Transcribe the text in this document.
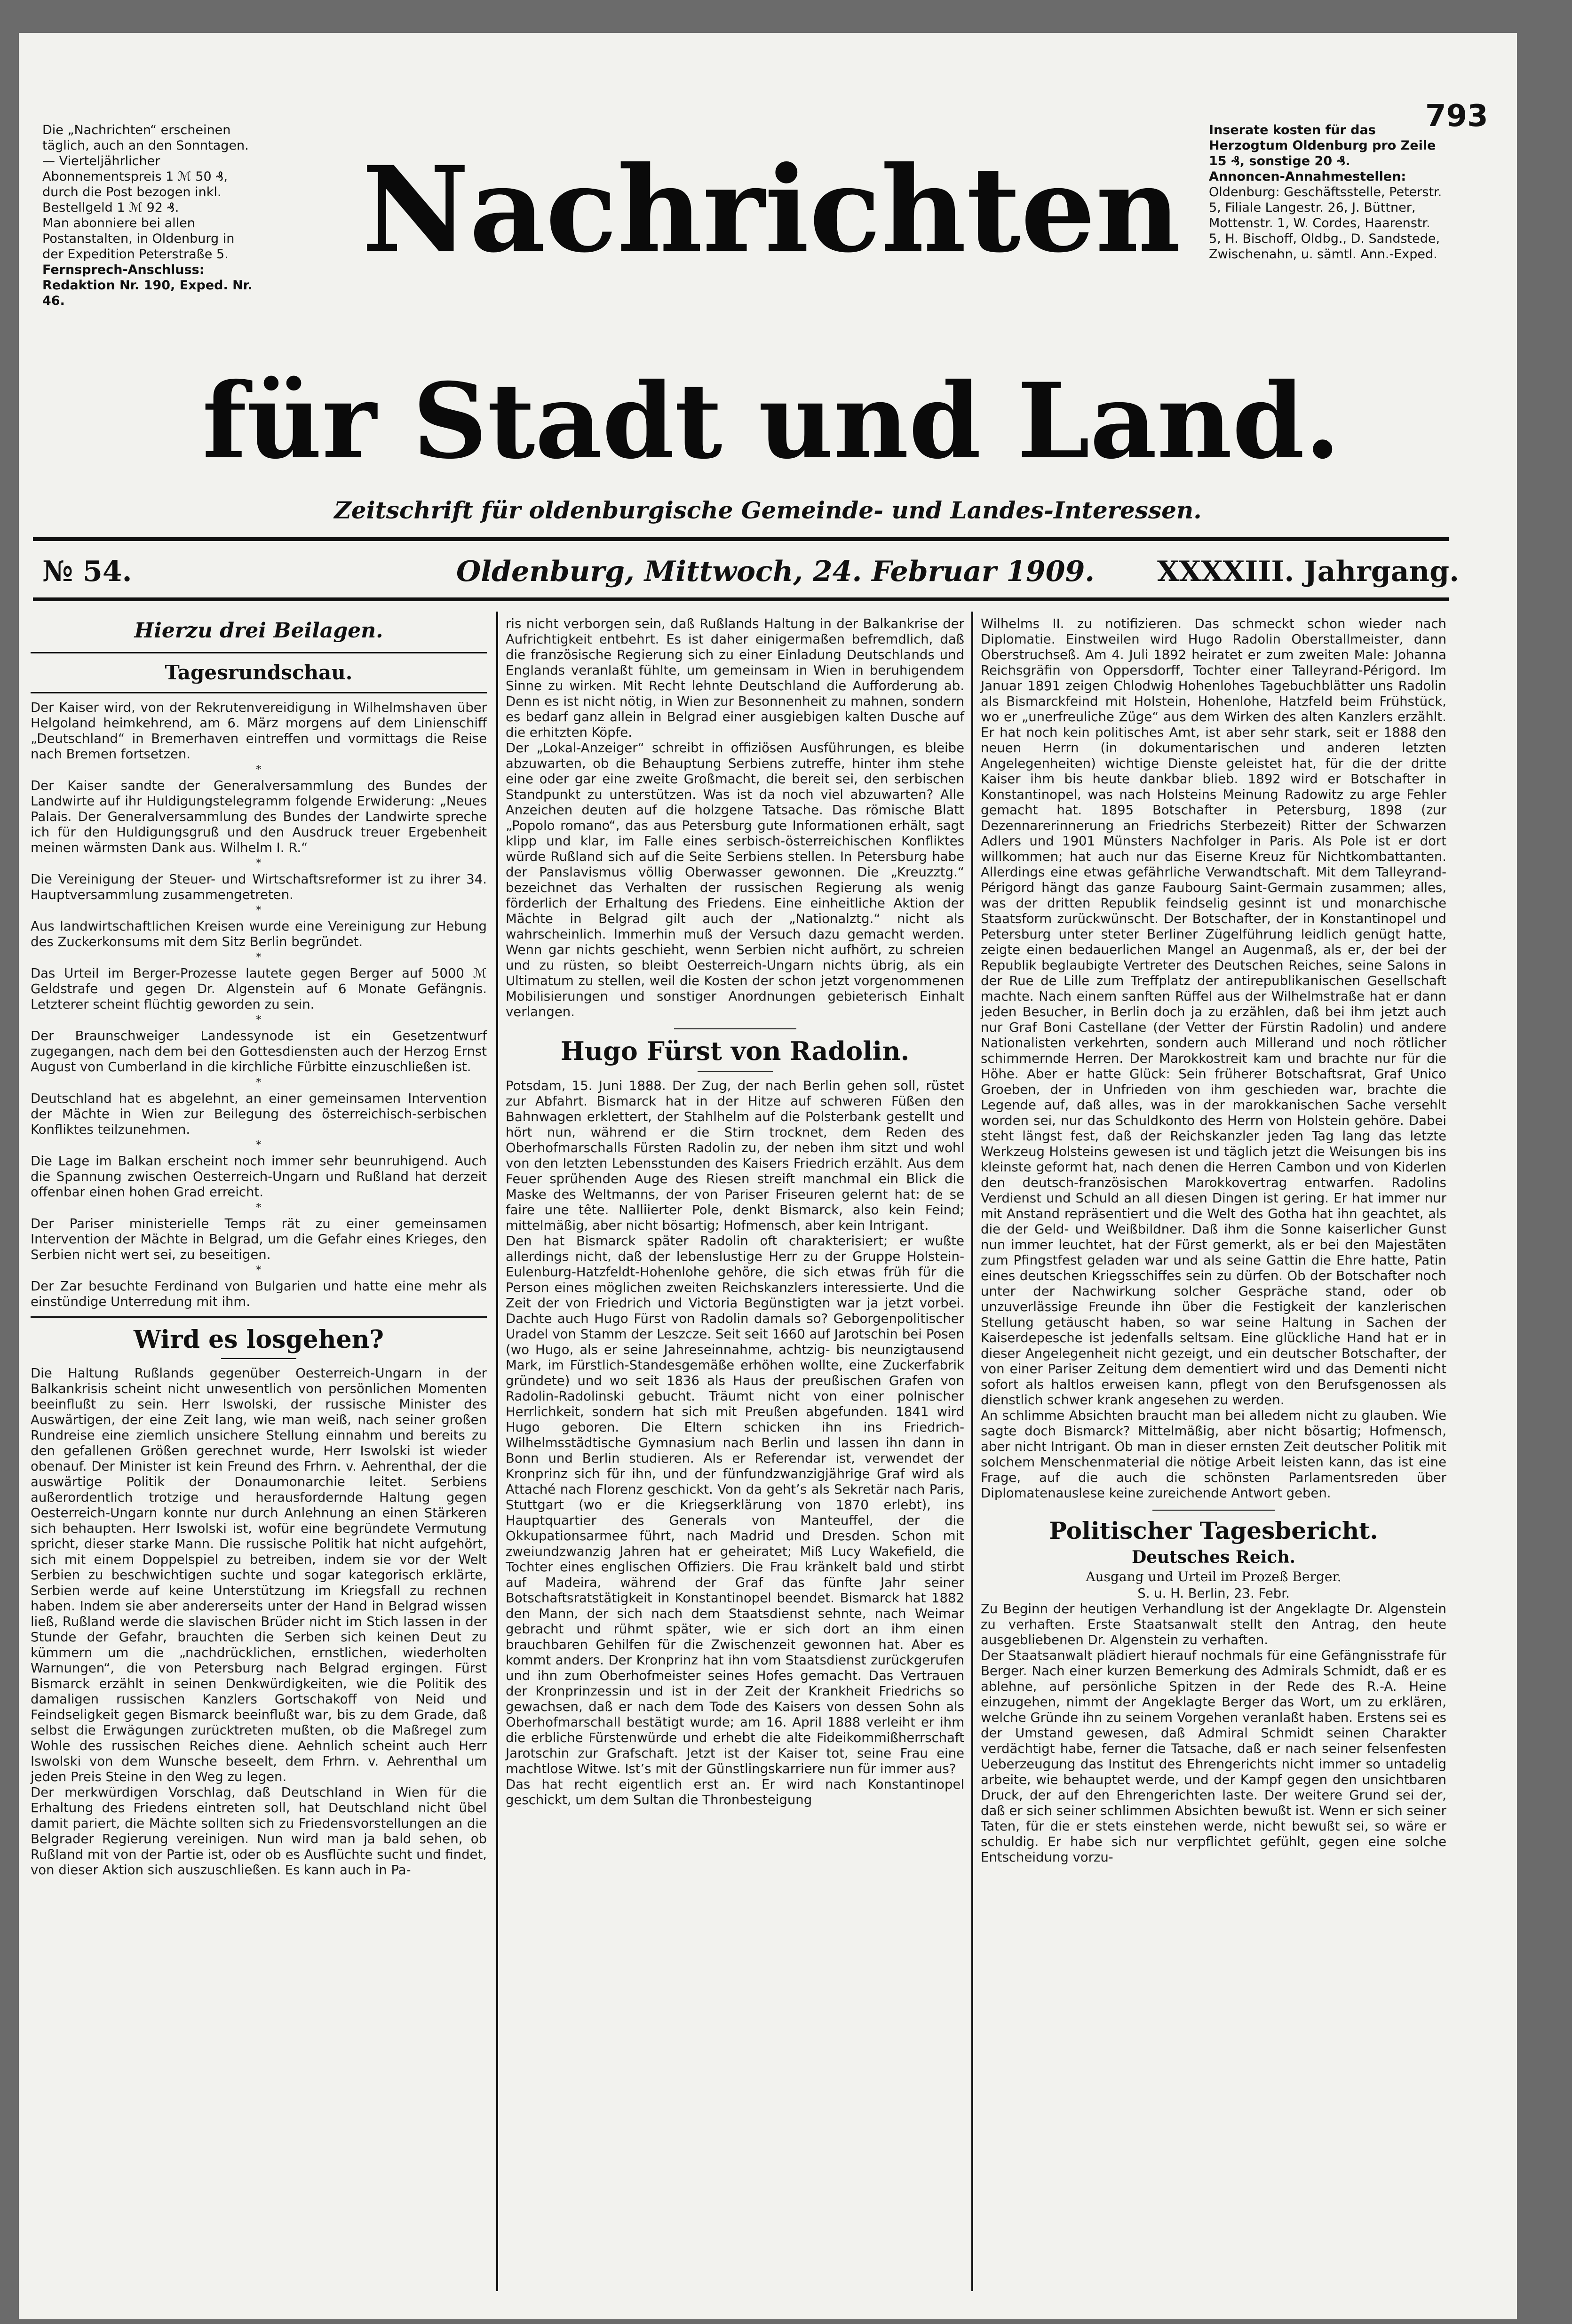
793

Die „Nachrichten“ erscheinen täglich, auch an den Sonntagen. — Vierteljährlicher Abonnementspreis 1 ℳ 50 ₰, durch die Post bezogen inkl. Bestellgeld 1 ℳ 92 ₰.

Man abonniere bei allen Postanstalten, in Oldenburg in der Expedition Peterstraße 5.

Fernsprech-Anschluss: Redaktion Nr. 190, Exped. Nr. 46.

Inserate kosten für das Herzogtum Oldenburg pro Zeile 15 ₰, sonstige 20 ₰.

Annoncen-Annahmestellen:

Oldenburg: Geschäftsstelle, Peterstr. 5, Filiale Langestr. 26, J. Büttner, Mottenstr. 1, W. Cordes, Haarenstr. 5, H. Bischoff, Oldbg., D. Sandstede, Zwischenahn, u. sämtl. Ann.-Exped.

Nachrichten
für Stadt und Land.
Zeitschrift für oldenburgische Gemeinde- und Landes-Interessen.
№ 54.	Oldenburg, Mittwoch, 24. Februar 1909. XXXXIII. Jahrgang.
Hierzu drei Beilagen.
Tagesrundschau.

Der Kaiser wird, von der Rekrutenvereidigung in Wilhelmshaven über Helgoland heimkehrend, am 6. März morgens auf dem Linienschiff „Deutschland“ in Bremerhaven eintreffen und vormittags die Reise nach Bremen fortsetzen.

*

Der Kaiser sandte der Generalversammlung des Bundes der Landwirte auf ihr Huldigungstelegramm folgende Erwiderung: „Neues Palais. Der Generalversammlung des Bundes der Landwirte spreche ich für den Huldigungsgruß und den Ausdruck treuer Ergebenheit meinen wärmsten Dank aus. Wilhelm I. R.“

*

Die Vereinigung der Steuer- und Wirtschaftsreformer ist zu ihrer 34. Hauptversammlung zusammengetreten.

*

Aus landwirtschaftlichen Kreisen wurde eine Vereinigung zur Hebung des Zuckerkonsums mit dem Sitz Berlin begründet.

*

Das Urteil im Berger-Prozesse lautete gegen Berger auf 5000 ℳ Geldstrafe und gegen Dr. Algenstein auf 6 Monate Gefängnis. Letzterer scheint flüchtig geworden zu sein.

*

Der Braunschweiger Landessynode ist ein Gesetzentwurf zugegangen, nach dem bei den Gottesdiensten auch der Herzog Ernst August von Cumberland in die kirchliche Fürbitte einzuschließen ist.

*

Deutschland hat es abgelehnt, an einer gemeinsamen Intervention der Mächte in Wien zur Beilegung des österreichisch-serbischen Konfliktes teilzunehmen.

*

Die Lage im Balkan erscheint noch immer sehr beunruhigend. Auch die Spannung zwischen Oesterreich-Ungarn und Rußland hat derzeit offenbar einen hohen Grad erreicht.

*

Der Pariser ministerielle Temps rät zu einer gemeinsamen Intervention der Mächte in Belgrad, um die Gefahr eines Krieges, den Serbien nicht wert sei, zu beseitigen.

*

Der Zar besuchte Ferdinand von Bulgarien und hatte eine mehr als einstündige Unterredung mit ihm.

Wird es losgehen?

Die Haltung Rußlands gegenüber Oesterreich-Ungarn in der Balkankrisis scheint nicht unwesentlich von persönlichen Momenten beeinflußt zu sein. Herr Iswolski, der russische Minister des Auswärtigen, der eine Zeit lang, wie man weiß, nach seiner großen Rundreise eine ziemlich unsichere Stellung einnahm und bereits zu den gefallenen Größen gerechnet wurde, Herr Iswolski ist wieder obenauf. Der Minister ist kein Freund des Frhrn. v. Aehrenthal, der die auswärtige Politik der Donaumonarchie leitet. Serbiens außerordentlich trotzige und herausfordernde Haltung gegen Oesterreich-Ungarn konnte nur durch Anlehnung an einen Stärkeren sich behaupten. Herr Iswolski ist, wofür eine begründete Vermutung spricht, dieser starke Mann. Die russische Politik hat nicht aufgehört, sich mit einem Doppelspiel zu betreiben, indem sie vor der Welt Serbien zu beschwichtigen suchte und sogar kategorisch erklärte, Serbien werde auf keine Unterstützung im Kriegsfall zu rechnen haben. Indem sie aber andererseits unter der Hand in Belgrad wissen ließ, Rußland werde die slavischen Brüder nicht im Stich lassen in der Stunde der Gefahr, brauchten die Serben sich keinen Deut zu kümmern um die „nachdrücklichen, ernstlichen, wiederholten Warnungen“, die von Petersburg nach Belgrad ergingen. Fürst Bismarck erzählt in seinen Denkwürdigkeiten, wie die Politik des damaligen russischen Kanzlers Gortschakoff von Neid und Feindseligkeit gegen Bismarck beeinflußt war, bis zu dem Grade, daß selbst die Erwägungen zurücktreten mußten, ob die Maßregel zum Wohle des russischen Reiches diene. Aehnlich scheint auch Herr Iswolski von dem Wunsche beseelt, dem Frhrn. v. Aehrenthal um jeden Preis Steine in den Weg zu legen.

Der merkwürdigen Vorschlag, daß Deutschland in Wien für die Erhaltung des Friedens eintreten soll, hat Deutschland nicht übel damit pariert, die Mächte sollten sich zu Friedensvorstellungen an die Belgrader Regierung vereinigen. Nun wird man ja bald sehen, ob Rußland mit von der Partie ist, oder ob es Ausflüchte sucht und findet, von dieser Aktion sich auszuschließen. Es kann auch in Pa-

ris nicht verborgen sein, daß Rußlands Haltung in der Balkankrise der Aufrichtigkeit entbehrt. Es ist daher einigermaßen befremdlich, daß die französische Regierung sich zu einer Einladung Deutschlands und Englands veranlaßt fühlte, um gemeinsam in Wien in beruhigendem Sinne zu wirken. Mit Recht lehnte Deutschland die Aufforderung ab. Denn es ist nicht nötig, in Wien zur Besonnenheit zu mahnen, sondern es bedarf ganz allein in Belgrad einer ausgiebigen kalten Dusche auf die erhitzten Köpfe.

Der „Lokal-Anzeiger“ schreibt in offiziösen Ausführungen, es bleibe abzuwarten, ob die Behauptung Serbiens zutreffe, hinter ihm stehe eine oder gar eine zweite Großmacht, die bereit sei, den serbischen Standpunkt zu unterstützen. Was ist da noch viel abzuwarten? Alle Anzeichen deuten auf die holzgene Tatsache. Das römische Blatt „Popolo romano“, das aus Petersburg gute Informationen erhält, sagt klipp und klar, im Falle eines serbisch-österreichischen Konfliktes würde Rußland sich auf die Seite Serbiens stellen. In Petersburg habe der Panslavismus völlig Oberwasser gewonnen. Die „Kreuzztg.“ bezeichnet das Verhalten der russischen Regierung als wenig förderlich der Erhaltung des Friedens. Eine einheitliche Aktion der Mächte in Belgrad gilt auch der „Nationalztg.“ nicht als wahrscheinlich. Immerhin muß der Versuch dazu gemacht werden. Wenn gar nichts geschieht, wenn Serbien nicht aufhört, zu schreien und zu rüsten, so bleibt Oesterreich-Ungarn nichts übrig, als ein Ultimatum zu stellen, weil die Kosten der schon jetzt vorgenommenen Mobilisierungen und sonstiger Anordnungen gebieterisch Einhalt verlangen.

Hugo Fürst von Radolin.

Potsdam, 15. Juni 1888. Der Zug, der nach Berlin gehen soll, rüstet zur Abfahrt. Bismarck hat in der Hitze auf schweren Füßen den Bahnwagen erklettert, der Stahlhelm auf die Polsterbank gestellt und hört nun, während er die Stirn trocknet, dem Reden des Oberhofmarschalls Fürsten Radolin zu, der neben ihm sitzt und wohl von den letzten Lebensstunden des Kaisers Friedrich erzählt. Aus dem Feuer sprühenden Auge des Riesen streift manchmal ein Blick die Maske des Weltmanns, der von Pariser Friseuren gelernt hat: de se faire une tête. Nalliierter Pole, denkt Bismarck, also kein Feind; mittelmäßig, aber nicht bösartig; Hofmensch, aber kein Intrigant.

Den hat Bismarck später Radolin oft charakterisiert; er wußte allerdings nicht, daß der lebenslustige Herr zu der Gruppe Holstein-Eulenburg-Hatzfeldt-Hohenlohe gehöre, die sich etwas früh für die Person eines möglichen zweiten Reichskanzlers interessierte. Und die Zeit der von Friedrich und Victoria Begünstigten war ja jetzt vorbei. Dachte auch Hugo Fürst von Radolin damals so? Geborgenpolitischer Uradel von Stamm der Leszcze. Seit seit 1660 auf Jarotschin bei Posen (wo Hugo, als er seine Jahreseinnahme, achtzig- bis neunzigtausend Mark, im Fürstlich-Standesgemäße erhöhen wollte, eine Zuckerfabrik gründete) und wo seit 1836 als Haus der preußischen Grafen von Radolin-Radolinski gebucht. Träumt nicht von einer polnischer Herrlichkeit, sondern hat sich mit Preußen abgefunden. 1841 wird Hugo geboren. Die Eltern schicken ihn ins Friedrich-Wilhelmsstädtische Gymnasium nach Berlin und lassen ihn dann in Bonn und Berlin studieren. Als er Referendar ist, verwendet der Kronprinz sich für ihn, und der fünfundzwanzigjährige Graf wird als Attaché nach Florenz geschickt. Von da geht’s als Sekretär nach Paris, Stuttgart (wo er die Kriegserklärung von 1870 erlebt), ins Hauptquartier des Generals von Manteuffel, der die Okkupationsarmee führt, nach Madrid und Dresden. Schon mit zweiundzwanzig Jahren hat er geheiratet; Miß Lucy Wakefield, die Tochter eines englischen Offiziers. Die Frau kränkelt bald und stirbt auf Madeira, während der Graf das fünfte Jahr seiner Botschaftsratstätigkeit in Konstantinopel beendet. Bismarck hat 1882 den Mann, der sich nach dem Staatsdienst sehnte, nach Weimar gebracht und rühmt später, wie er sich dort an ihm einen brauchbaren Gehilfen für die Zwischenzeit gewonnen hat. Aber es kommt anders. Der Kronprinz hat ihn vom Staatsdienst zurückgerufen und ihn zum Oberhofmeister seines Hofes gemacht. Das Vertrauen der Kronprinzessin und ist in der Zeit der Krankheit Friedrichs so gewachsen, daß er nach dem Tode des Kaisers von dessen Sohn als Oberhofmarschall bestätigt wurde; am 16. April 1888 verleiht er ihm die erbliche Fürstenwürde und erhebt die alte Fideikommißherrschaft Jarotschin zur Grafschaft. Jetzt ist der Kaiser tot, seine Frau eine machtlose Witwe. Ist’s mit der Günstlingskarriere nun für immer aus?

Das hat recht eigentlich erst an. Er wird nach Konstantinopel geschickt, um dem Sultan die Thronbesteigung

Wilhelms II. zu notifizieren. Das schmeckt schon wieder nach Diplomatie. Einstweilen wird Hugo Radolin Oberstallmeister, dann Oberstruchseß. Am 4. Juli 1892 heiratet er zum zweiten Male: Johanna Reichsgräfin von Oppersdorff, Tochter einer Talleyrand-Périgord. Im Januar 1891 zeigen Chlodwig Hohenlohes Tagebuchblätter uns Radolin als Bismarckfeind mit Holstein, Hohenlohe, Hatzfeld beim Frühstück, wo er „unerfreuliche Züge“ aus dem Wirken des alten Kanzlers erzählt. Er hat noch kein politisches Amt, ist aber sehr stark, seit er 1888 den neuen Herrn (in dokumentarischen und anderen letzten Angelegenheiten) wichtige Dienste geleistet hat, für die der dritte Kaiser ihm bis heute dankbar blieb. 1892 wird er Botschafter in Konstantinopel, was nach Holsteins Meinung Radowitz zu arge Fehler gemacht hat. 1895 Botschafter in Petersburg, 1898 (zur Dezennarerinnerung an Friedrichs Sterbezeit) Ritter der Schwarzen Adlers und 1901 Münsters Nachfolger in Paris. Als Pole ist er dort willkommen; hat auch nur das Eiserne Kreuz für Nichtkombattanten. Allerdings eine etwas gefährliche Verwandtschaft. Mit dem Talleyrand-Périgord hängt das ganze Faubourg Saint-Germain zusammen; alles, was der dritten Republik feindselig gesinnt ist und monarchische Staatsform zurückwünscht. Der Botschafter, der in Konstantinopel und Petersburg unter steter Berliner Zügelführung leidlich genügt hatte, zeigte einen bedauerlichen Mangel an Augenmaß, als er, der bei der Republik beglaubigte Vertreter des Deutschen Reiches, seine Salons in der Rue de Lille zum Treffplatz der antirepublikanischen Gesellschaft machte. Nach einem sanften Rüffel aus der Wilhelmstraße hat er dann jeden Besucher, in Berlin doch ja zu erzählen, daß bei ihm jetzt auch nur Graf Boni Castellane (der Vetter der Fürstin Radolin) und andere Nationalisten verkehrten, sondern auch Millerand und noch rötlicher schimmernde Herren. Der Marokkostreit kam und brachte nur für die Höhe. Aber er hatte Glück: Sein früherer Botschaftsrat, Graf Unico Groeben, der in Unfrieden von ihm geschieden war, brachte die Legende auf, daß alles, was in der marokkanischen Sache versehlt worden sei, nur das Schuldkonto des Herrn von Holstein gehöre. Dabei steht längst fest, daß der Reichskanzler jeden Tag lang das letzte Werkzeug Holsteins gewesen ist und täglich jetzt die Weisungen bis ins kleinste geformt hat, nach denen die Herren Cambon und von Kiderlen den deutsch-französischen Marokkovertrag entwarfen. Radolins Verdienst und Schuld an all diesen Dingen ist gering. Er hat immer nur mit Anstand repräsentiert und die Welt des Gotha hat ihn geachtet, als die der Geld- und Weißbildner. Daß ihm die Sonne kaiserlicher Gunst nun immer leuchtet, hat der Fürst gemerkt, als er bei den Majestäten zum Pfingstfest geladen war und als seine Gattin die Ehre hatte, Patin eines deutschen Kriegsschiffes sein zu dürfen. Ob der Botschafter noch unter der Nachwirkung solcher Gespräche stand, oder ob unzuverlässige Freunde ihn über die Festigkeit der kanzlerischen Stellung getäuscht haben, so war seine Haltung in Sachen der Kaiserdepesche ist jedenfalls seltsam. Eine glückliche Hand hat er in dieser Angelegenheit nicht gezeigt, und ein deutscher Botschafter, der von einer Pariser Zeitung dem dementiert wird und das Dementi nicht sofort als haltlos erweisen kann, pflegt von den Berufsgenossen als dienstlich schwer krank angesehen zu werden.

An schlimme Absichten braucht man bei alledem nicht zu glauben. Wie sagte doch Bismarck? Mittelmäßig, aber nicht bösartig; Hofmensch, aber nicht Intrigant. Ob man in dieser ernsten Zeit deutscher Politik mit solchem Menschenmaterial die nötige Arbeit leisten kann, das ist eine Frage, auf die auch die schönsten Parlamentsreden über Diplomatenauslese keine zureichende Antwort geben.

Politischer Tagesbericht.
Deutsches Reich.
Ausgang und Urteil im Prozeß Berger.

S. u. H. Berlin, 23. Febr.

Zu Beginn der heutigen Verhandlung ist der Angeklagte Dr. Algenstein zu verhaften. Erste Staatsanwalt stellt den Antrag, den heute ausgebliebenen Dr. Algenstein zu verhaften.

Der Staatsanwalt plädiert hierauf nochmals für eine Gefängnisstrafe für Berger. Nach einer kurzen Bemerkung des Admirals Schmidt, daß er es ablehne, auf persönliche Spitzen in der Rede des R.-A. Heine einzugehen, nimmt der Angeklagte Berger das Wort, um zu erklären, welche Gründe ihn zu seinem Vorgehen veranlaßt haben. Erstens sei es der Umstand gewesen, daß Admiral Schmidt seinen Charakter verdächtigt habe, ferner die Tatsache, daß er nach seiner felsenfesten Ueberzeugung das Institut des Ehrengerichts nicht immer so untadelig arbeite, wie behauptet werde, und der Kampf gegen den unsichtbaren Druck, der auf den Ehrengerichten laste. Der weitere Grund sei der, daß er sich seiner schlimmen Absichten bewußt ist. Wenn er sich seiner Taten, für die er stets einstehen werde, nicht bewußt sei, so wäre er schuldig. Er habe sich nur verpflichtet gefühlt, gegen eine solche Entscheidung vorzu-
